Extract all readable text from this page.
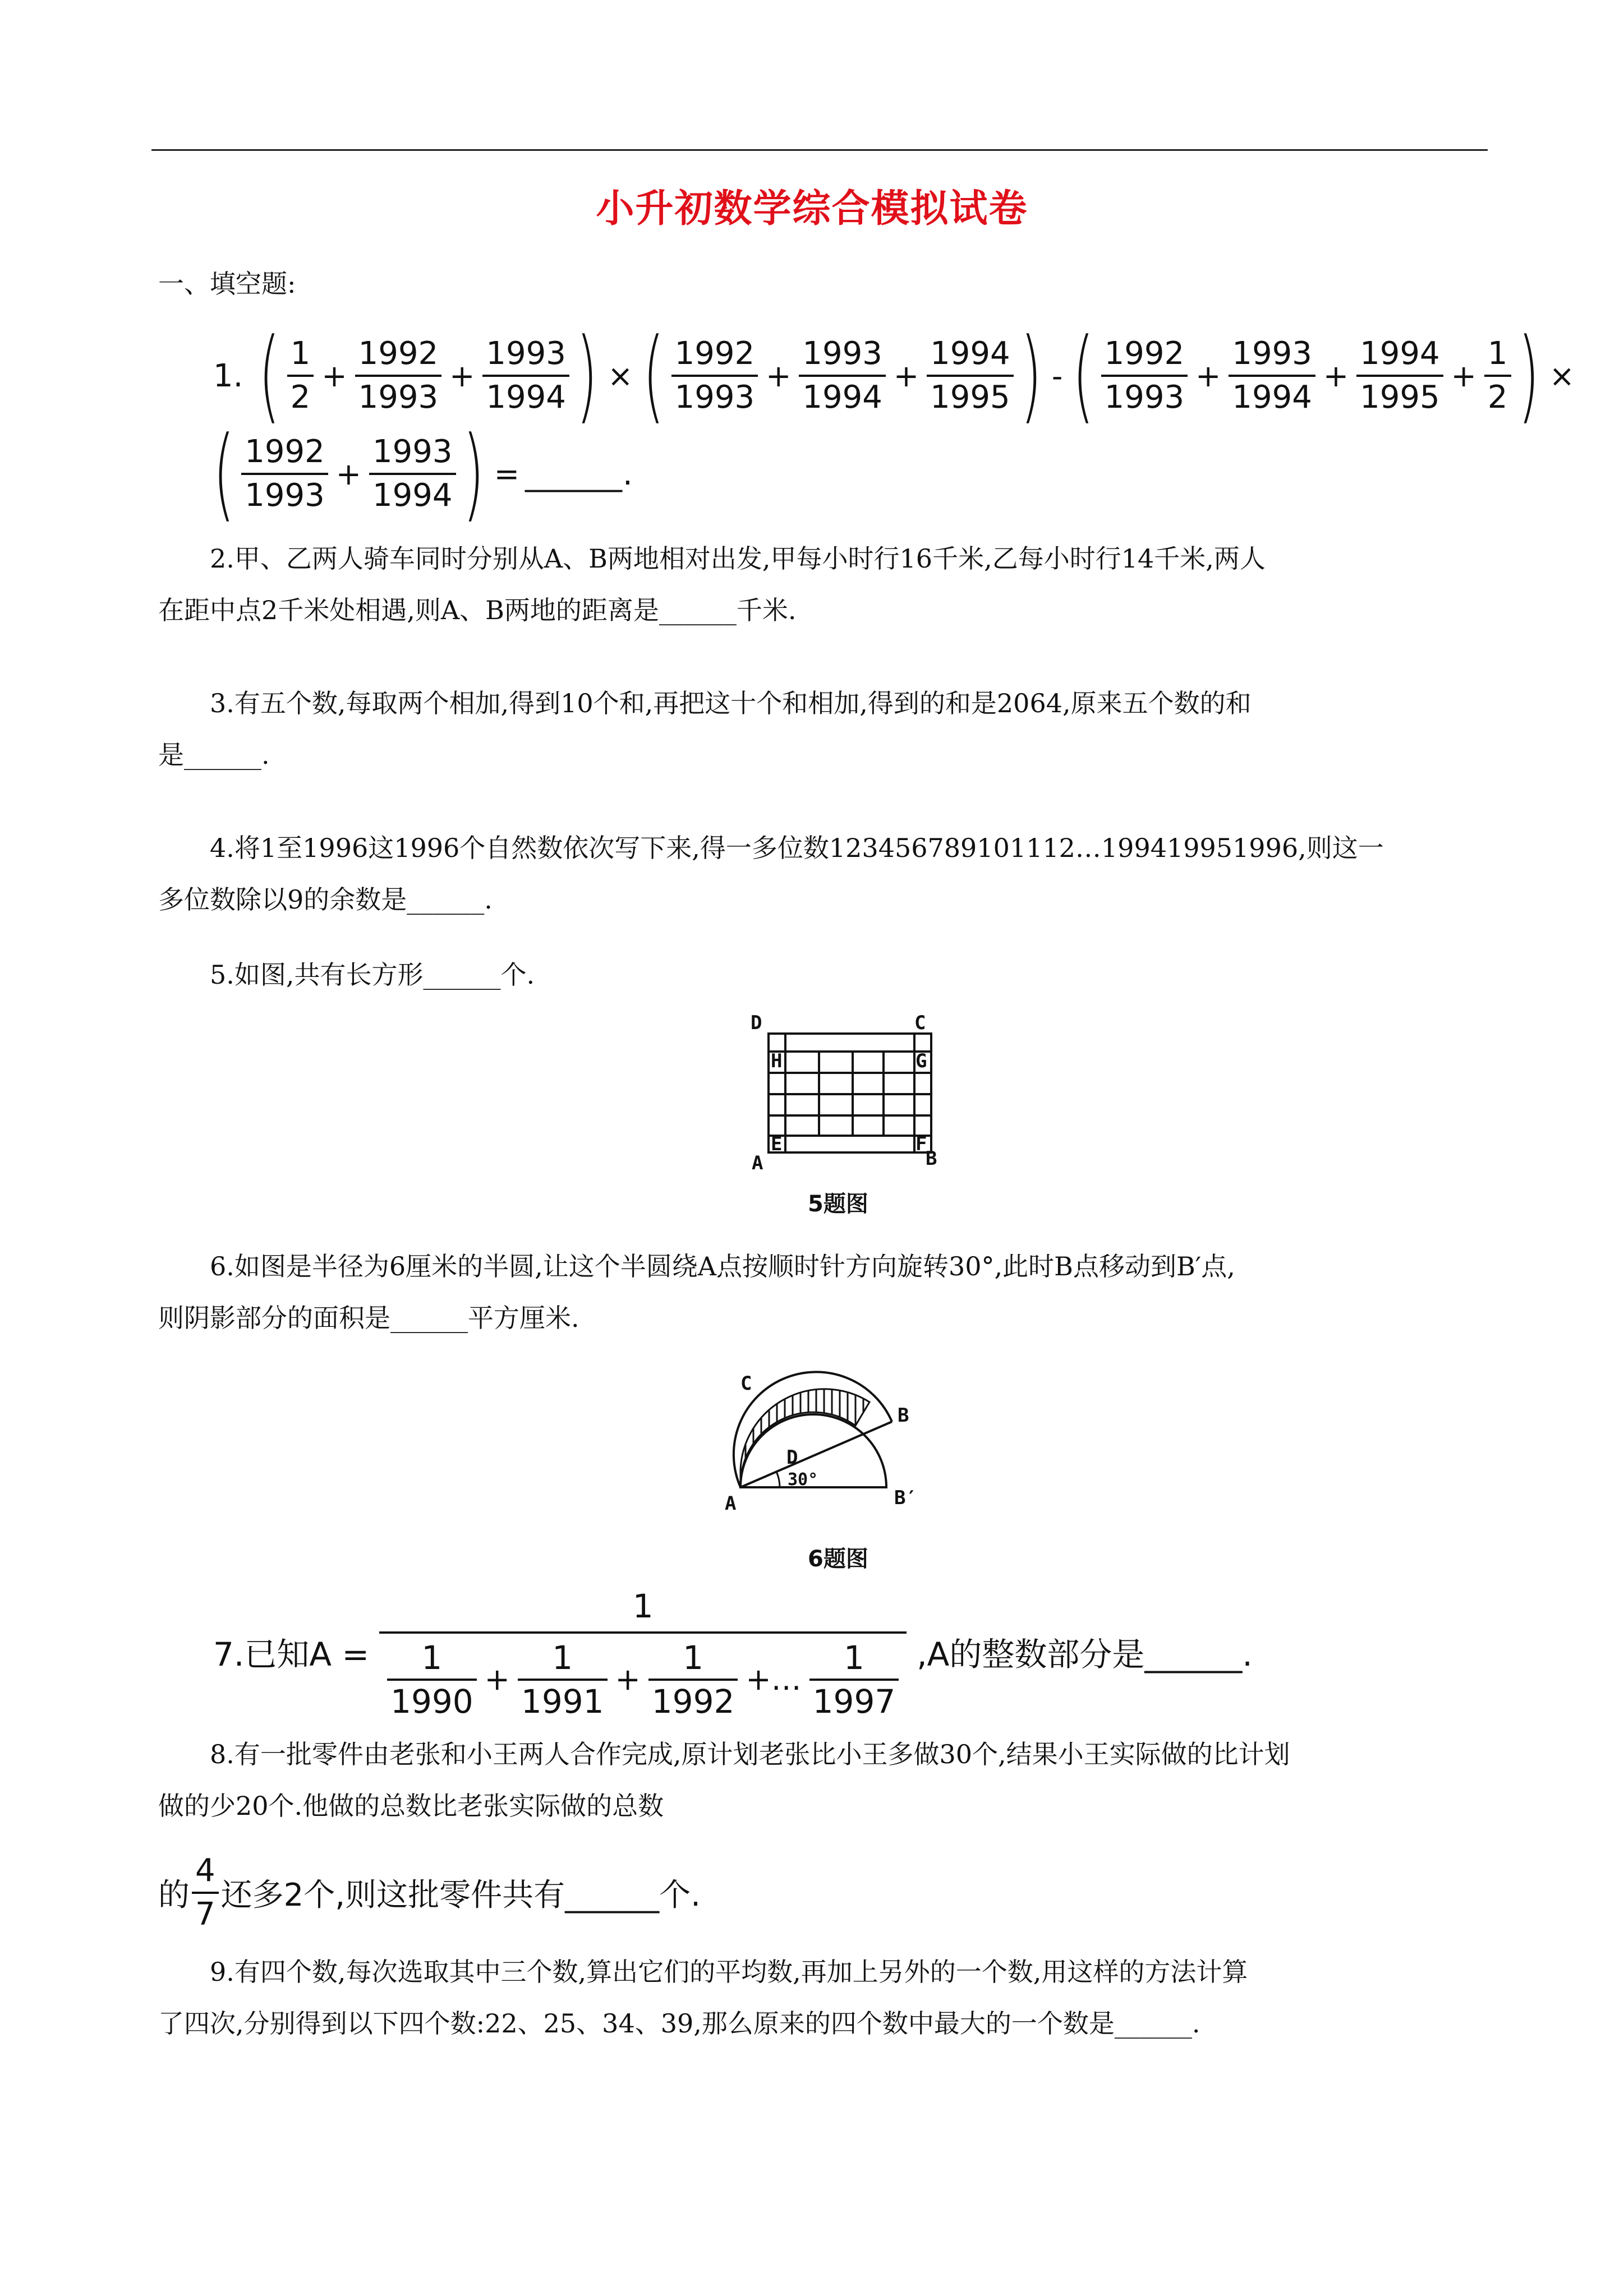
小升初数学综合模拟试卷
一、填空题:
1. ( $\frac{1}{2} + \frac{1992}{1993} + \frac{1993}{1994}$ ) × ( $\frac{1992}{1993} + \frac{1993}{1994} + \frac{1994}{1995}$ ) - ( $\frac{1992}{1993} + \frac{1993}{1994} + \frac{1994}{1995} + \frac{1}{2}$ ) ×
( $\frac{1992}{1993} + \frac{1993}{1994}$ ) = ______.
2.甲、乙两人骑车同时分别从A、B两地相对出发,甲每小时行16千米,乙每小时行14千米,两人
在距中点2千米处相遇,则A、B两地的距离是______千米.
3.有五个数,每取两个相加,得到10个和,再把这十个和相加,得到的和是2064,原来五个数的和
是______.
4.将1至1996这1996个自然数依次写下来,得一多位数123456789101112…199419951996,则这一
多位数除以9的余数是______.
5.如图,共有长方形______个.
D	C
H	G
E	F
A	B
5题图
6.如图是半径为6厘米的半圆,让这个半圆绕A点按顺时针方向旋转30°,此时B点移动到B′点,
则阴影部分的面积是______平方厘米.
C
B
D
A	B′
30°
6题图
7.已知A =
1
$\frac{1}{1990} + \frac{1}{1991} + \frac{1}{1992}$ +… $\frac{1}{1997} ,A$的整数部分是______.
8.有一批零件由老张和小王两人合作完成,原计划老张比小王多做30个,结果小王实际做的比计划
做的少20个.他做的总数比老张实际做的总数
的 $\frac{4}{7}$ 还多2个,则这批零件共有______个.
9.有四个数,每次选取其中三个数,算出它们的平均数,再加上另外的一个数,用这样的方法计算
了四次,分别得到以下四个数:22、25、34、39,那么原来的四个数中最大的一个数是______.
